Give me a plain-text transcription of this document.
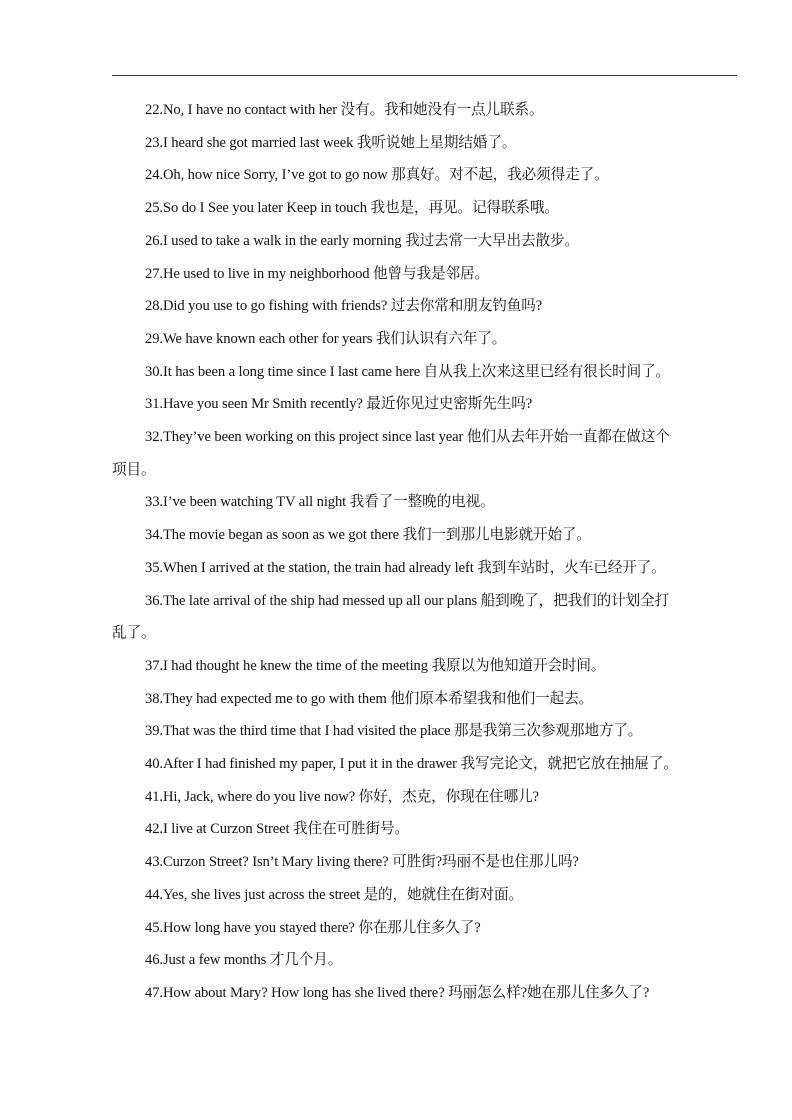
22.No, I have no contact with her 没有。我和她没有一点儿联系。
23.I heard she got married last week 我听说她上星期结婚了。
24.Oh, how nice Sorry, I’ve got to go now 那真好。对不起，我必须得走了。
25.So do I See you later Keep in touch 我也是，再见。记得联系哦。
26.I used to take a walk in the early morning 我过去常一大早出去散步。
27.He used to live in my neighborhood 他曾与我是邻居。
28.Did you use to go fishing with friends? 过去你常和朋友钓鱼吗?
29.We have known each other for years 我们认识有六年了。
30.It has been a long time since I last came here 自从我上次来这里已经有很长时间了。
31.Have you seen Mr Smith recently? 最近你见过史密斯先生吗?
32.They’ve been working on this project since last year 他们从去年开始一直都在做这个
项目。
33.I’ve been watching TV all night 我看了一整晚的电视。
34.The movie began as soon as we got there 我们一到那儿电影就开始了。
35.When I arrived at the station, the train had already left 我到车站时，火车已经开了。
36.The late arrival of the ship had messed up all our plans 船到晚了，把我们的计划全打
乱了。
37.I had thought he knew the time of the meeting 我原以为他知道开会时间。
38.They had expected me to go with them 他们原本希望我和他们一起去。
39.That was the third time that I had visited the place 那是我第三次参观那地方了。
40.After I had finished my paper, I put it in the drawer 我写完论文，就把它放在抽屉了。
41.Hi, Jack, where do you live now? 你好，杰克，你现在住哪儿?
42.I live at Curzon Street 我住在可胜街号。
43.Curzon Street? Isn’t Mary living there? 可胜街?玛丽不是也住那儿吗?
44.Yes, she lives just across the street 是的，她就住在街对面。
45.How long have you stayed there? 你在那儿住多久了?
46.Just a few months 才几个月。
47.How about Mary? How long has she lived there? 玛丽怎么样?她在那儿住多久了?
